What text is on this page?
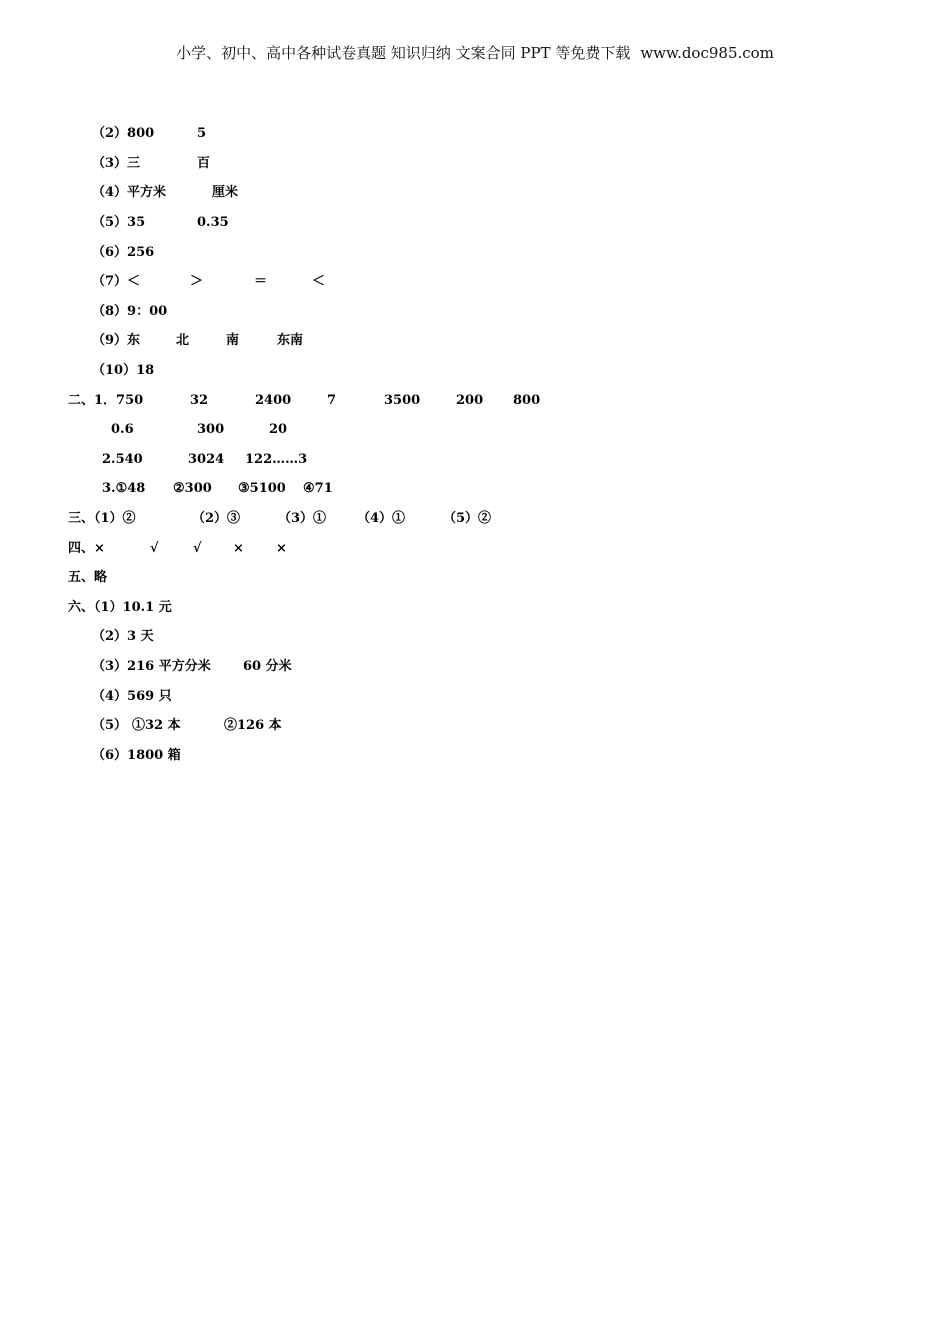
小学、初中、高中各种试卷真题 知识归纳 文案合同 PPT 等免费下载 www.doc985.com
（2）800	5
（3）三	百
（4）平方米	厘米
（5）35	0.35
（6）256
（7）＜	＞	＝	＜
（8）9：00
（9）东	北	南	东南
（10）18
二、1．750	32	2400	7	3500	200 800
0.6	300	20
2.540	3024 122……3
3.①48 ②300 ③5100 ④71
三、（1）②	（2）③	（3）① （4）①	（5）②
四、×	√	√ × ×
五、略
六、（1）10.1 元
（2）3 天
（3）216 平方分米 60 分米
（4）569 只
（5） ①32 本	②126 本
（6）1800 箱
